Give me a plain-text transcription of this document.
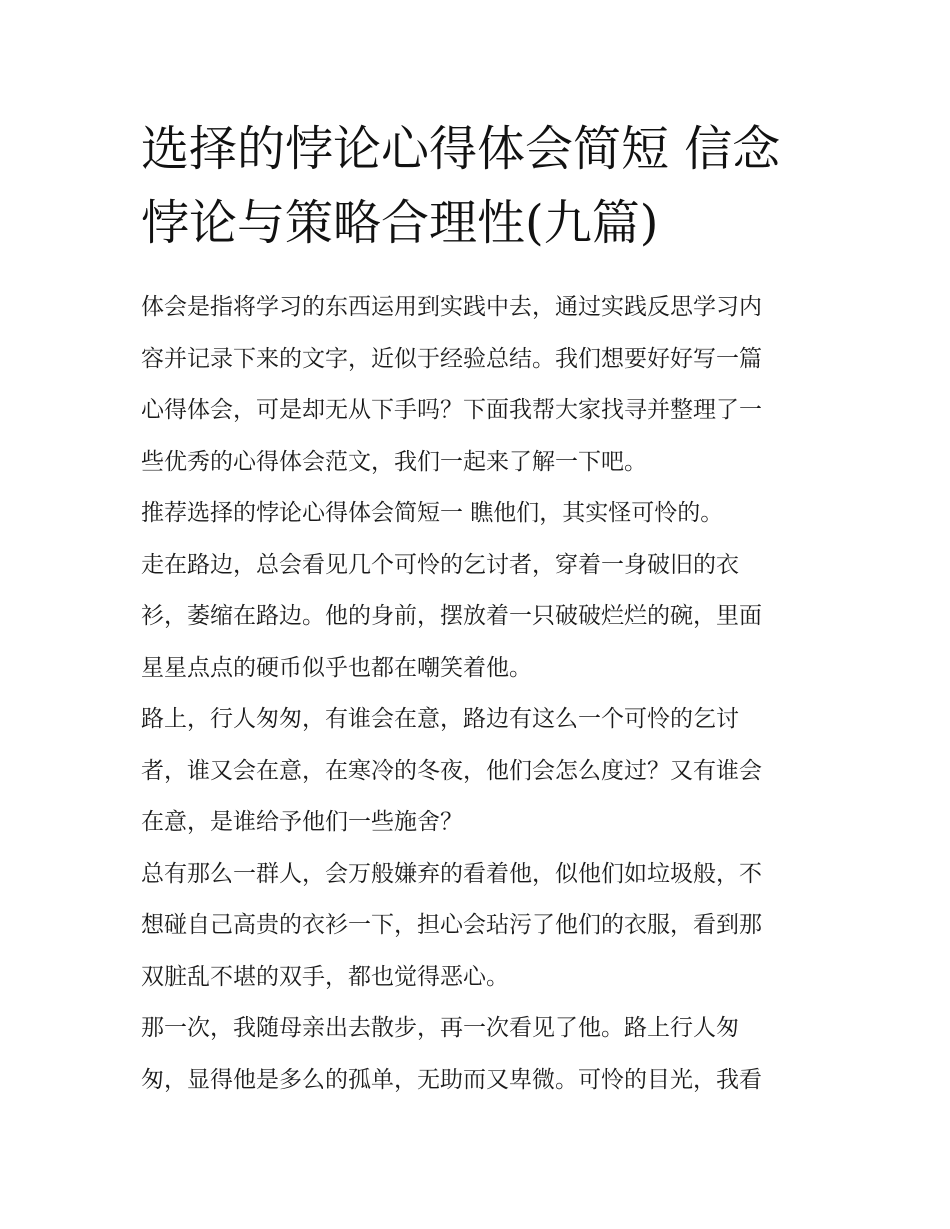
选择的悖论心得体会简短 信念
悖论与策略合理性(九篇)
体会是指将学习的东西运用到实践中去，通过实践反思学习内
容并记录下来的文字，近似于经验总结。我们想要好好写一篇
心得体会，可是却无从下手吗？下面我帮大家找寻并整理了一
些优秀的心得体会范文，我们一起来了解一下吧。
推荐选择的悖论心得体会简短一 瞧他们，其实怪可怜的。
走在路边，总会看见几个可怜的乞讨者，穿着一身破旧的衣
衫，萎缩在路边。他的身前，摆放着一只破破烂烂的碗，里面
星星点点的硬币似乎也都在嘲笑着他。
路上，行人匆匆，有谁会在意，路边有这么一个可怜的乞讨
者，谁又会在意，在寒冷的冬夜，他们会怎么度过？又有谁会
在意，是谁给予他们一些施舍？
总有那么一群人，会万般嫌弃的看着他，似他们如垃圾般，不
想碰自己高贵的衣衫一下，担心会玷污了他们的衣服，看到那
双脏乱不堪的双手，都也觉得恶心。
那一次，我随母亲出去散步，再一次看见了他。路上行人匆
匆，显得他是多么的孤单，无助而又卑微。可怜的目光，我看
